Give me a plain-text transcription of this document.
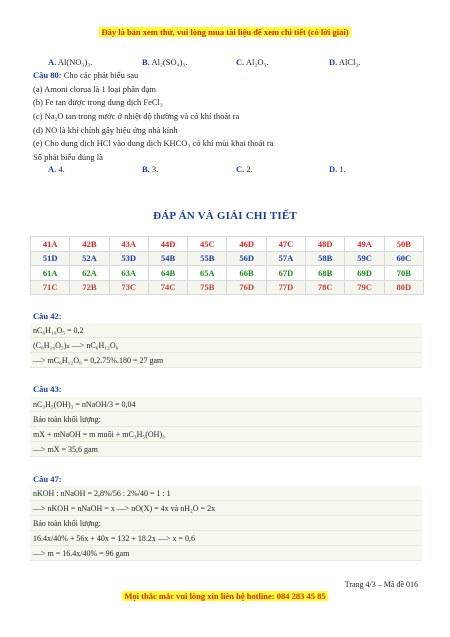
Đây là bản xem thử, vui lòng mua tài liệu để xem chi tiết (có lời giải)
A. Al(NO₃)₃.	B. Al₂(SO₄)₃.	C. Al₂O₃.	D. AlCl₃.
Câu 80: Cho các phát biểu sau
(a) Amoni clorua là 1 loại phân đạm
(b) Fe tan được trong dung dịch FeCl₃
(c) Na₂O tan trong nước ở nhiệt độ thường và có khí thoát ra
(d) NO là khí chính gây hiệu ứng nhà kính
(e) Cho dung dịch HCl vào dung dịch KHCO₃ có khí mùi khai thoát ra
Số phát biểu đúng là
A. 4.	B. 3.	C. 2.	D. 1.
ĐÁP ÁN VÀ GIẢI CHI TIẾT
41A	42B	43A	44D	45C	46D	47C	48D	49A	50B
51D	52A	53D	54B	55B	56D	57A	58B	59C	60C
61A	62A	63A	64B	65A	66B	67D	68B	69D	70B
71C	72B	73C	74C	75B	76D	77D	78C	79C	80D
Câu 42:
nC₆H₁₀O₅ = 0,2
(C₆H₁₀O₅)ₙ —> nC₆H₁₂O₆
—> mC₆H₁₂O₆ = 0,2.75%.180 = 27 gam
Câu 43:
nC₃H₅(OH)₃ = nNaOH/3 = 0,04
Bảo toàn khối lượng:
mX + mNaOH = m muối + mC₃H₅(OH)₃
—> mX = 35,6 gam
Câu 47:
nKOH : nNaOH = 2,8%/56 : 2%/40 = 1 : 1
—> nKOH = nNaOH = x —> nO(X) = 4x và nH₂O = 2x
Bảo toàn khối lượng:
16.4x/40% + 56x + 40x = 132 + 18.2x —> x = 0,6
—> m = 16.4x/40% = 96 gam
Trang 4/3 – Mã đề 016
Mọi thắc mắc vui lòng xin liên hệ hotline: 084 283 45 85
